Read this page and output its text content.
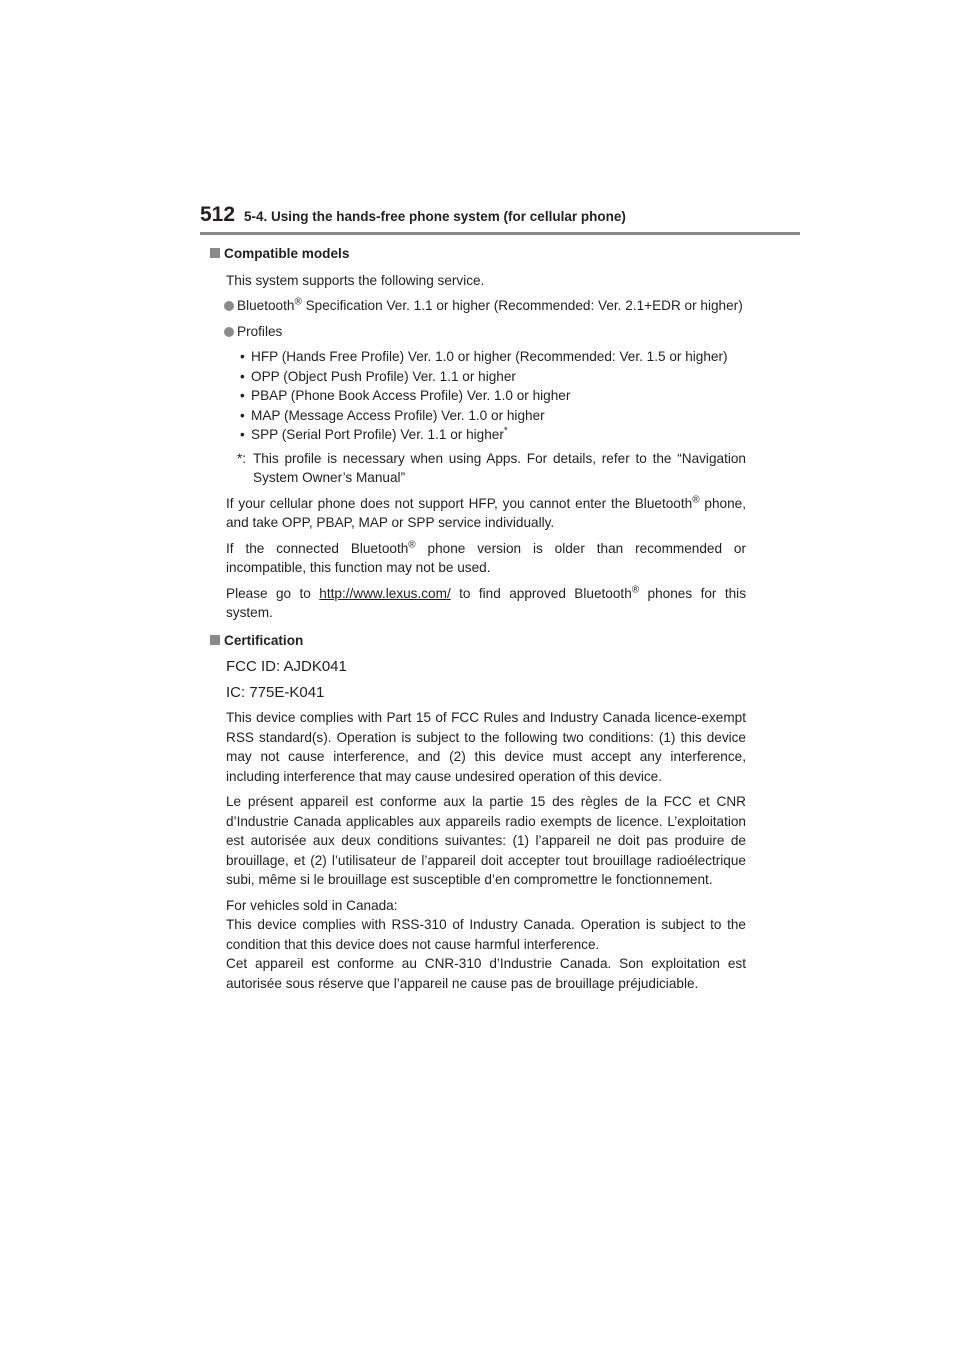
512 5-4. Using the hands-free phone system (for cellular phone)
Compatible models

This system supports the following service.

Bluetooth® Specification Ver. 1.1 or higher (Recommended: Ver. 2.1+EDR or higher)
Profiles
• HFP (Hands Free Profile) Ver. 1.0 or higher (Recommended: Ver. 1.5 or higher)
• OPP (Object Push Profile) Ver. 1.1 or higher
• PBAP (Phone Book Access Profile) Ver. 1.0 or higher
• MAP (Message Access Profile) Ver. 1.0 or higher
• SPP (Serial Port Profile) Ver. 1.1 or higher*
*: This profile is necessary when using Apps. For details, refer to the “Navigation System Owner’s Manual”

If your cellular phone does not support HFP, you cannot enter the Bluetooth® phone, and take OPP, PBAP, MAP or SPP service individually.

If the connected Bluetooth® phone version is older than recommended or incompatible, this function may not be used.

Please go to http://www.lexus.com/ to find approved Bluetooth® phones for this system.

Certification

FCC ID: AJDK041

IC: 775E-K041

This device complies with Part 15 of FCC Rules and Industry Canada licence-exempt RSS standard(s). Operation is subject to the following two conditions: (1) this device may not cause interference, and (2) this device must accept any interference, including interference that may cause undesired operation of this device.

Le présent appareil est conforme aux la partie 15 des règles de la FCC et CNR d’Industrie Canada applicables aux appareils radio exempts de licence. L’exploitation est autorisée aux deux conditions suivantes: (1) l’appareil ne doit pas produire de brouillage, et (2) l’utilisateur de l’appareil doit accepter tout brouillage radioélectrique subi, même si le brouillage est susceptible d’en compromettre le fonctionnement.

For vehicles sold in Canada:
This device complies with RSS-310 of Industry Canada. Operation is subject to the condition that this device does not cause harmful interference.
Cet appareil est conforme au CNR-310 d’Industrie Canada. Son exploitation est autorisée sous réserve que l’appareil ne cause pas de brouillage préjudiciable.
